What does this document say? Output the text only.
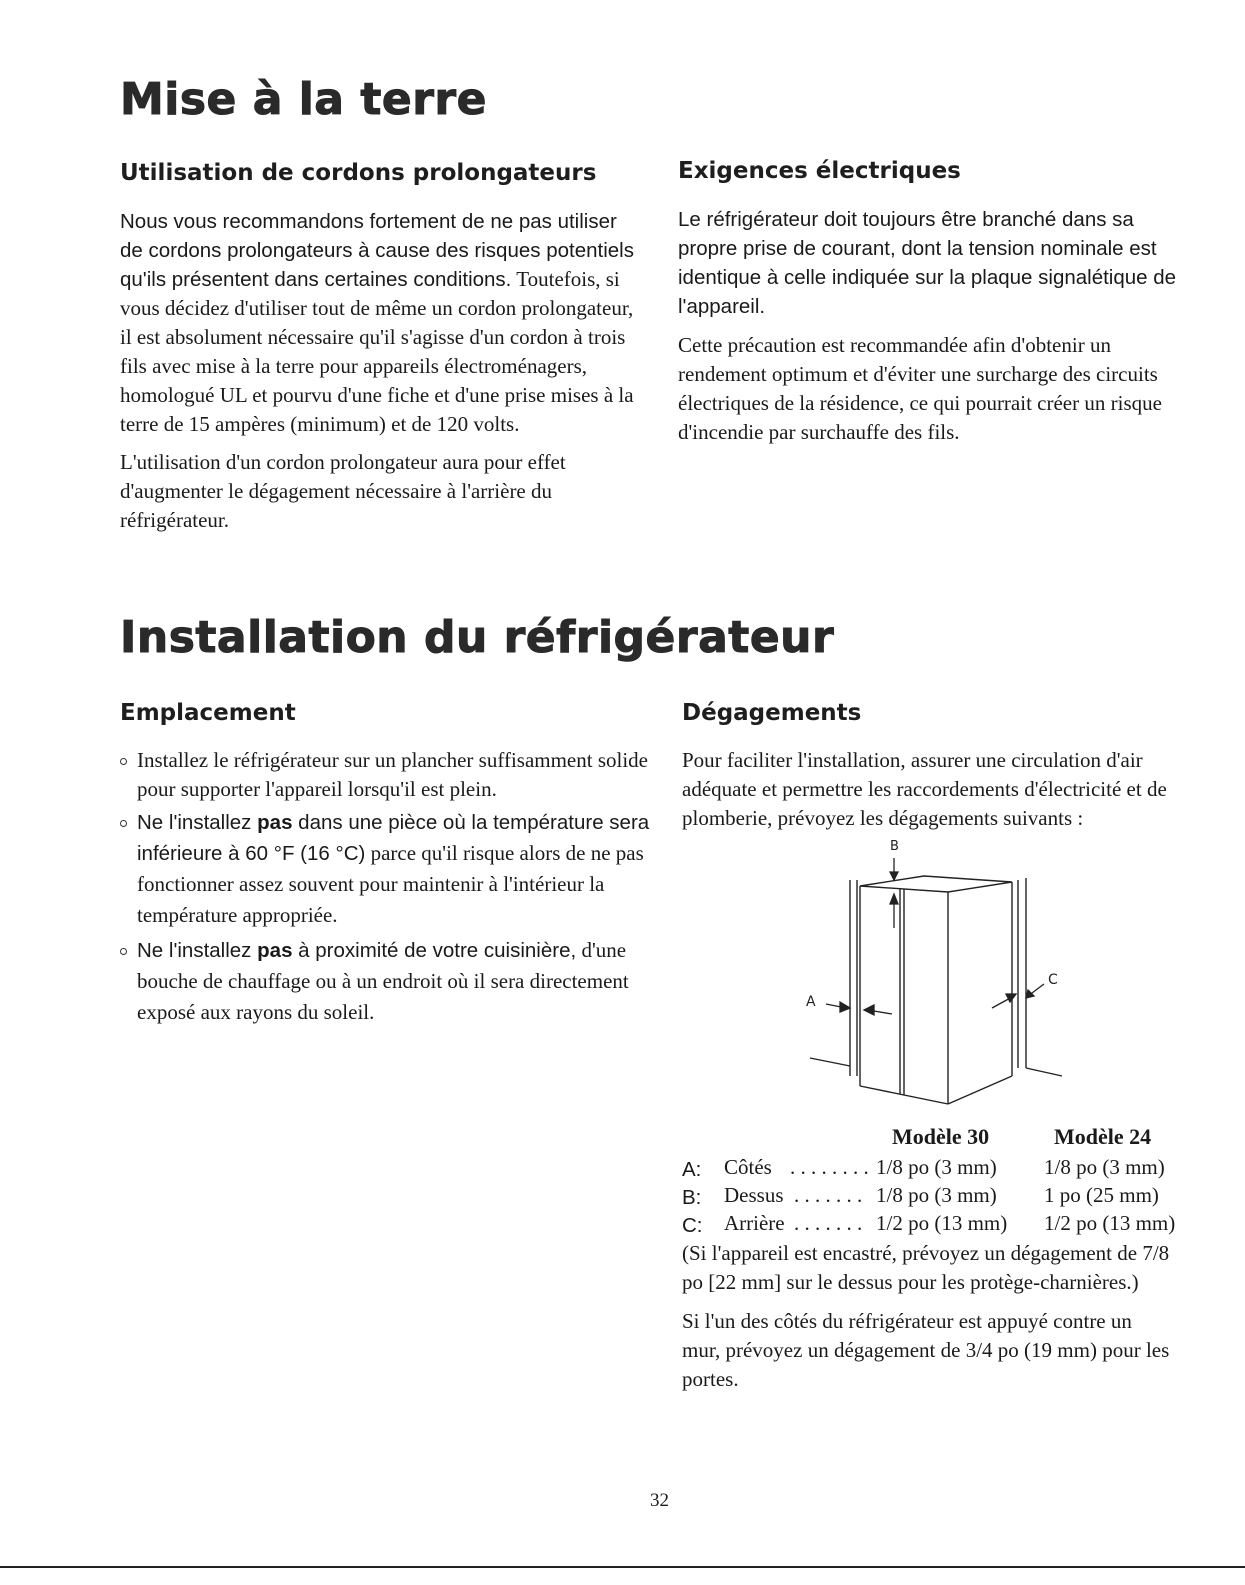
Mise à la terre
Utilisation de cordons prolongateurs

Nous vous recommandons fortement de ne pas utiliser de cordons prolongateurs à cause des risques potentiels qu'ils présentent dans certaines conditions. Toutefois, si vous décidez d'utiliser tout de même un cordon prolongateur, il est absolument nécessaire qu'il s'agisse d'un cordon à trois fils avec mise à la terre pour appareils électroménagers, homologué UL et pourvu d'une fiche et d'une prise mises à la terre de 15 ampères (minimum) et de 120 volts.

L'utilisation d'un cordon prolongateur aura pour effet d'augmenter le dégagement nécessaire à l'arrière du réfrigérateur.

Exigences électriques

Le réfrigérateur doit toujours être branché dans sa propre prise de courant, dont la tension nominale est identique à celle indiquée sur la plaque signalétique de l'appareil.

Cette précaution est recommandée afin d'obtenir un rendement optimum et d'éviter une surcharge des circuits électriques de la résidence, ce qui pourrait créer un risque d'incendie par surchauffe des fils.

Installation du réfrigérateur
Emplacement
Installez le réfrigérateur sur un plancher suffisamment solide pour supporter l'appareil lorsqu'il est plein.
Ne l'installez pas dans une pièce où la température sera inférieure à 60 °F (16 °C) parce qu'il risque alors de ne pas fonctionner assez souvent pour maintenir à l'intérieur la température appropriée.
Ne l'installez pas à proximité de votre cuisinière, d'une bouche de chauffage ou à un endroit où il sera directement exposé aux rayons du soleil.
Dégagements

Pour faciliter l'installation, assurer une circulation d'air adéquate et permettre les raccordements d'électricité et de plomberie, prévoyez les dégagements suivants :

B
A
C
Modèle 30	Modèle 24
A: Côtés . . . . . . . . 1/8 po (3 mm) 1/8 po (3 mm)
B: Dessus . . . . . . . 1/8 po (3 mm) 1 po (25 mm)
C: Arrière . . . . . . . 1/2 po (13 mm) 1/2 po (13 mm)

(Si l'appareil est encastré, prévoyez un dégagement de 7/8 po [22 mm] sur le dessus pour les protège-charnières.)

Si l'un des côtés du réfrigérateur est appuyé contre un mur, prévoyez un dégagement de 3/4 po (19 mm) pour les portes.

32
